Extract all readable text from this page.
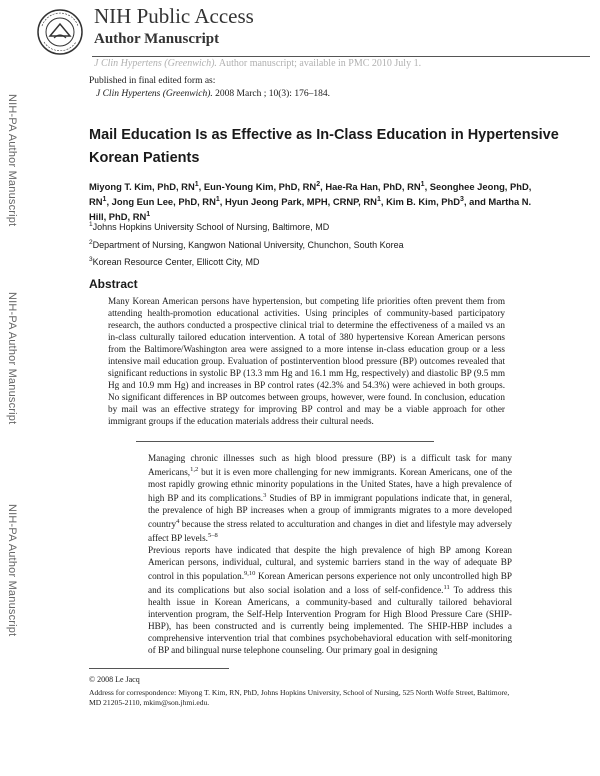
NIH Public Access
Author Manuscript
J Clin Hypertens (Greenwich). Author manuscript; available in PMC 2010 July 1.
NIH-PA Author Manuscript
NIH-PA Author Manuscript
NIH-PA Author Manuscript
Published in final edited form as:
J Clin Hypertens (Greenwich). 2008 March ; 10(3): 176–184.
Mail Education Is as Effective as In-Class Education in Hypertensive Korean Patients
Miyong T. Kim, PhD, $RN^1$, Eun-Young Kim, PhD, $RN^2$, Hae-Ra Han, PhD, $RN^1$, Seonghee Jeong, PhD, $RN^1$, Jong Eun Lee, PhD, $RN^1$, Hyun Jeong Park, MPH, CRNP, $RN^1$, Kim B. Kim, PhD$^3$, and Martha N. Hill, PhD, $RN^1$
$^1$Johns Hopkins University School of Nursing, Baltimore, MD
$^2$Department of Nursing, Kangwon National University, Chunchon, South Korea
$^3$Korean Resource Center, Ellicott City, MD
Abstract
Many Korean American persons have hypertension, but competing life priorities often prevent them from attending health-promotion educational activities. Using principles of community-based participatory research, the authors conducted a prospective clinical trial to determine the effectiveness of a mailed vs an in-class culturally tailored education intervention. A total of 380 hypertensive Korean American persons from the Baltimore/Washington area were assigned to a more intense in-class education group or a less intensive mail education group. Evaluation of postintervention blood pressure (BP) outcomes revealed that significant reductions in systolic BP (13.3 mm Hg and 16.1 mm Hg, respectively) and diastolic BP (9.5 mm Hg and 10.9 mm Hg) and increases in BP control rates (42.3% and 54.3%) were achieved in both groups. No significant differences in BP outcomes between groups, however, were found. In conclusion, education by mail was an effective strategy for improving BP control and may be a viable approach for other immigrant groups if the education materials address their cultural needs.
Managing chronic illnesses such as high blood pressure (BP) is a difficult task for many Americans,$^{1,2}$ but it is even more challenging for new immigrants. Korean Americans, one of the most rapidly growing ethnic minority populations in the United States, have a high prevalence of high BP and its complications.$^3$ Studies of BP in immigrant populations indicate that, in general, the prevalence of high BP increases when a group of immigrants migrates to a more developed country$^4$ because the stress related to acculturation and changes in diet and lifestyle may adversely affect BP levels.$^{5-8}$
Previous reports have indicated that despite the high prevalence of high BP among Korean American persons, individual, cultural, and systemic barriers stand in the way of adequate BP control in this population.$^{9,10}$ Korean American persons experience not only uncontrolled high BP and its complications but also social isolation and a loss of self-confidence.$^{11}$ To address this health issue in Korean Americans, a community-based and culturally tailored behavioral intervention program, the Self-Help Intervention Program for High Blood Pressure Care (SHIP-HBP), has been constructed and is currently being implemented. The SHIP-HBP includes a comprehensive intervention trial that combines psychobehavioral education with self-monitoring of BP and bilingual nurse telephone counseling. Our primary goal in designing
© 2008 Le Jacq
Address for correspondence: Miyong T. Kim, RN, PhD, Johns Hopkins University, School of Nursing, 525 North Wolfe Street, Baltimore, MD 21205-2110, mkim@son.jhmi.edu.
